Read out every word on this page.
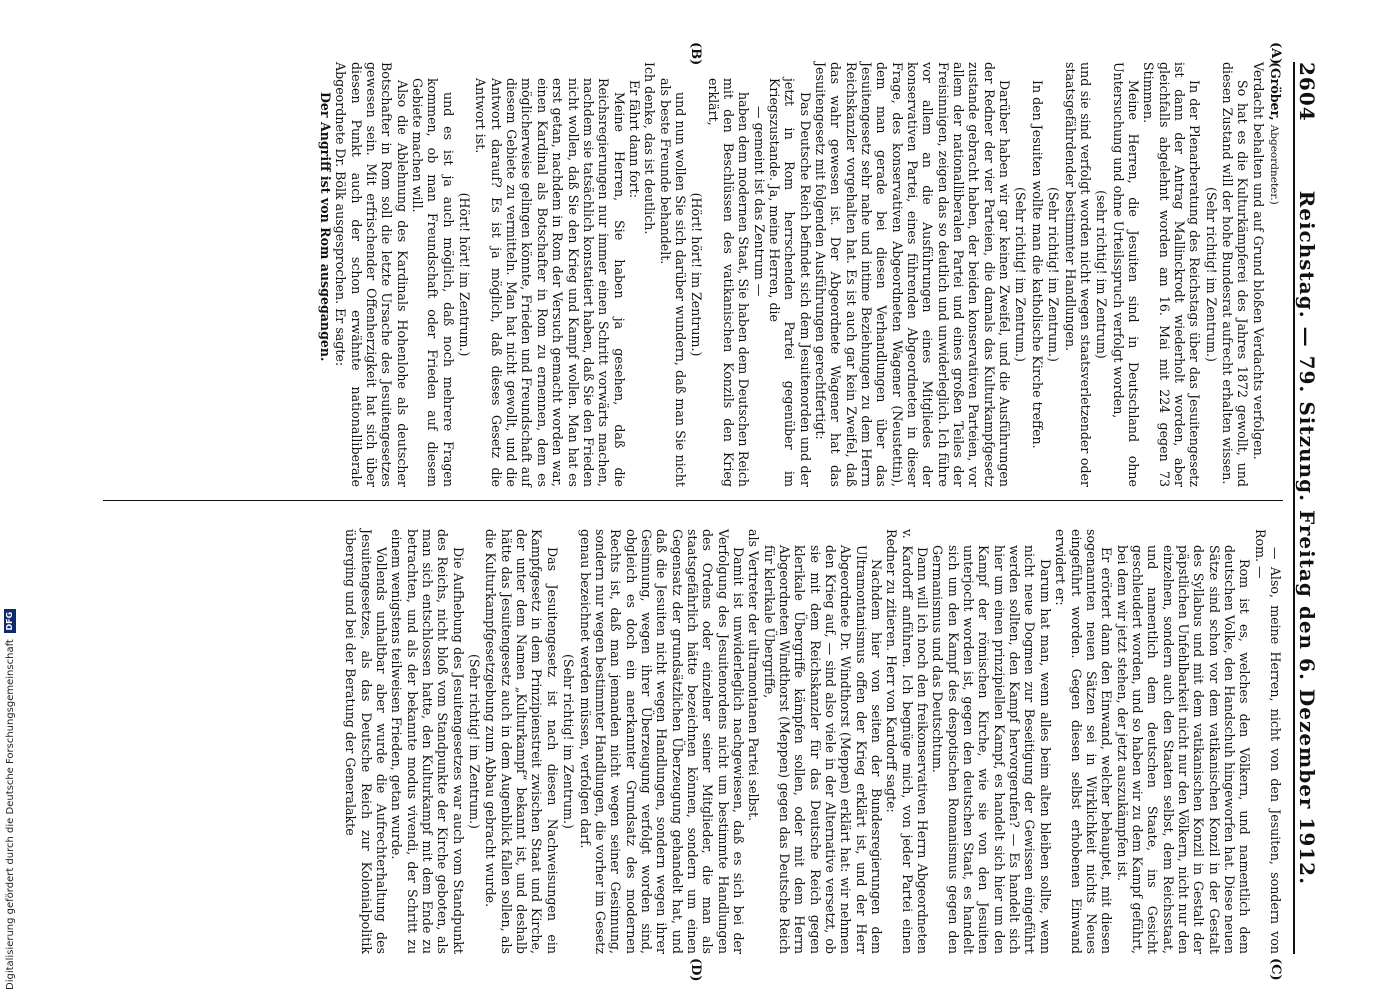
2604
Reichstag. — 79. Sitzung. Freitag den 6. Dezember 1912.
(A)
(B)
(C)
(D)

(Gröber, Abgeordneter.)

Verdacht behalten und auf Grund bloßen Verdachts verfolgen.

So hat es die Kulturkämpferei des Jahres 1872 gewollt, und diesen Zustand will der hohe Bundesrat aufrecht erhalten wissen.

(Sehr richtig! im Zentrum.)

In der Plenarberatung des Reichstags über das Jesuitengesetz ist dann der Antrag Mallinckrodt wiederholt worden, aber gleichfalls abgelehnt worden am 16. Mai mit 224 gegen 73 Stimmen.

Meine Herren, die Jesuiten sind in Deutschland ohne Untersuchung und ohne Urteilsspruch verfolgt worden,

(sehr richtig! im Zentrum)

und sie sind verfolgt worden nicht wegen staatsverletzender oder staatsgefährdender bestimmter Handlungen.

(Sehr richtig! im Zentrum.)

In den Jesuiten wollte man die katholische Kirche treffen.

(Sehr richtig! im Zentrum.)

Darüber haben wir gar keinen Zweifel, und die Ausführungen der Redner der vier Parteien, die damals das Kulturkampfgesetz zustande gebracht haben, der beiden konservativen Parteien, vor allem der nationalliberalen Partei und eines großen Teiles der Freisinnigen, zeigen das so deutlich und unwiderleglich. Ich führe vor allem an die Ausführungen eines Mitgliedes der konservativen Partei, eines führenden Abgeordneten in dieser Frage, des konservativen Abgeordneten Wagener (Neustettin), dem man gerade bei diesen Verhandlungen über das Jesuitengesetz sehr nahe und intime Beziehungen zu dem Herrn Reichskanzler vorgehalten hat. Es ist auch gar kein Zweifel, daß das wahr gewesen ist. Der Abgeordnete Wagener hat das Jesuitengesetz mit folgenden Ausführungen gerechtfertigt:

Das Deutsche Reich befindet sich dem Jesuitenorden und der jetzt in Rom herrschenden Partei gegenüber im Kriegszustande. Ja, meine Herren, die

— gemeint ist das Zentrum —

haben dem modernen Staat, Sie haben dem Deutschen Reich mit den Beschlüssen des vatikanischen Konzils den Krieg erklärt,

(Hört! hört! im Zentrum.)

und nun wollen Sie sich darüber wundern, daß man Sie nicht als beste Freunde behandelt.

Ich denke, das ist deutlich.

Er fährt dann fort:

Meine Herren, Sie haben ja gesehen, daß die Reichsregierungen nur immer einen Schritt vorwärts machen, nachdem sie tatsächlich konstatiert haben, daß Sie den Frieden nicht wollen, daß Sie den Krieg und Kampf wollen. Man hat es erst getan, nachdem in Rom der Versuch gemacht worden war, einen Kardinal als Botschafter in Rom zu ernennen, dem es möglicherweise gelingen könnte, Frieden und Freundschaft auf diesem Gebiete zu vermitteln. Man hat nicht gewollt, und die Antwort darauf? Es ist ja möglich, daß dieses Gesetz die Antwort ist.

(Hört! hört! im Zentrum.)

und es ist ja auch möglich, daß noch mehrere Fragen kommen, ob man Freundschaft oder Frieden auf diesem Gebiete machen will.

Also die Ablehnung des Kardinals Hohenlohe als deutscher Botschafter in Rom soll die letzte Ursache des Jesuitengesetzes gewesen sein. Mit erfrischender Offenherzigkeit hat sich über diesen Punkt auch der schon erwähnte nationalliberale Abgeordnete Dr. Bölk ausgesprochen. Er sagte:

Der Angriff ist von Rom ausgegangen.

— Also, meine Herren, nicht von den Jesuiten, sondern von Rom. —

Rom ist es, welches den Völkern, und namentlich dem deutschen Volke, den Handschuh hingeworfen hat. Diese neuen Sätze sind schon vor dem vatikanischen Konzil in der Gestalt des Syllabus und mit dem vatikanischen Konzil in Gestalt der päpstlichen Unfehlbarkeit nicht nur den Völkern, nicht nur den einzelnen, sondern auch den Staaten selbst, dem Reichsstaat, und namentlich dem deutschen Staate, ins Gesicht geschleudert worden, und so haben wir zu dem Kampf geführt, bei dem wir jetzt stehen, der jetzt auszukämpfen ist.

Er erörtert dann den Einwand, welcher behauptet, mit diesen sogenannten neuen Sätzen sei in Wirklichkeit nichts Neues eingeführt worden. Gegen diesen selbst erhobenen Einwand erwidert er:

Darum hat man, wenn alles beim alten bleiben sollte, wenn nicht neue Dogmen zur Beseitigung der Gewissen eingeführt werden sollten, den Kampf hervorgerufen? — Es handelt sich hier um einen prinzipiellen Kampf, es handelt sich hier um den Kampf der römischen Kirche, wie sie von den Jesuiten unterjocht worden ist, gegen den deutschen Staat, es handelt sich um den Kampf des despotischen Romanismus gegen den Germanismus und das Deutschtum.

Dann will ich noch den freikonservativen Herrn Abgeordneten v. Kardorff anführen. Ich begnüge mich, von jeder Partei einen Redner zu zitieren. Herr von Kardorff sagte:

Nachdem hier von seiten der Bundesregierungen dem Ultramontanismus offen der Krieg erklärt ist, und der Herr Abgeordnete Dr. Windthorst (Meppen) erklärt hat: wir nehmen den Krieg auf, — sind also viele in der Alternative versetzt, ob sie mit dem Reichskanzler für das Deutsche Reich gegen klerikale Übergriffe kämpfen sollen, oder mit dem Herrn Abgeordneten Windthorst (Meppen) gegen das Deutsche Reich für klerikale Übergriffe,

als Vertreter der ultramontanen Partei selbst.

Damit ist unwiderleglich nachgewiesen, daß es sich bei der Verfolgung des Jesuitenordens nicht um bestimmte Handlungen des Ordens oder einzelner seiner Mitglieder, die man als staatsgefährlich hätte bezeichnen können, sondern um einen Gegensatz der grundsätzlichen Überzeugung gehandelt hat, und daß die Jesuiten nicht wegen Handlungen, sondern wegen ihrer Gesinnung, wegen ihrer Überzeugung verfolgt worden sind, obgleich es doch ein anerkannter Grundsatz des modernen Rechts ist, daß man jemanden nicht wegen seiner Gesinnung, sondern nur wegen bestimmter Handlungen, die vorher im Gesetz genau bezeichnet werden müssen, verfolgen darf.

(Sehr richtig! im Zentrum.)

Das Jesuitengesetz ist nach diesen Nachweisungen ein Kampfgesetz in dem Prinzipienstreit zwischen Staat und Kirche, der unter dem Namen „Kulturkampf“ bekannt ist, und deshalb hätte das Jesuitengesetz auch in dem Augenblick fallen sollen, als die Kulturkampfgesetzgebung zum Abbau gebracht wurde.

(Sehr richtig! im Zentrum.)

Die Aufhebung des Jesuitengesetzes war auch vom Standpunkt des Reichs, nicht bloß vom Standpunkte der Kirche geboten, als man sich entschlossen hatte, den Kulturkampf mit dem Ende zu betrachten, und als der bekannte modus vivendi, der Schritt zu einem wenigstens teilweisen Frieden, getan wurde.

Vollends unhaltbar aber wurde die Aufrechterhaltung des Jesuitengesetzes, als das Deutsche Reich zur Kolonialpolitik überging und bei der Beratung der Generalakte

Digitalisierung gefördert durch die Deutsche Forschungsgemeinschaft
DFG
